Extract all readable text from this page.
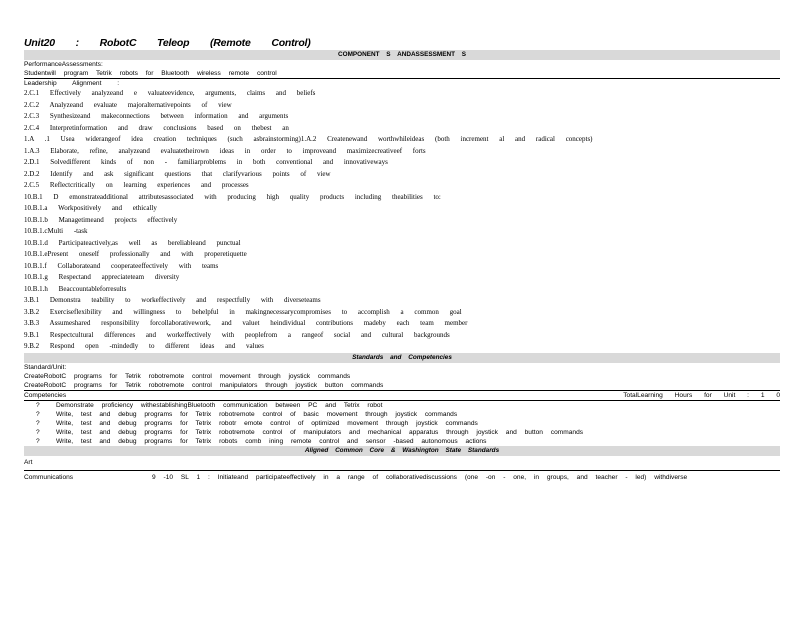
Unit20 : RobotC Teleop (Remote Control)
COMPONENT S ANDASSESSMENT S
PerformanceAssessments:
Studentwill program Tetrik robots for Bluetooth wireless remote control
Leadership Alignment :
2.C.1 Effectively analyzeand e valuateevidence, arguments, claims and beliefs
2.C.2 Analyzeand evaluate majoralternativepoints of view
2.C.3 Synthesizeand makeconnections between information and arguments
2.C.4 Interpretinformation and draw conclusions based on thebest an
1.A .1 Usea widerangeof idea creation techniques (such asbrainstorming)1.A.2 Createnewand worthwhileideas (both increment al and radical concepts)
1.A.3 Elaborate, refine, analyzeand evaluatetheirown ideas in order to improveand maximizecreativeef forts
2.D.1 Solvedifferent kinds of non - familiarproblems in both conventional and innovativeways
2.D.2 Identify and ask significant questions that clarifyvarious points of view
2.C.5 Reflectcritically on learning experiences and processes
10.B.1 D emonstrateadditional attributesassociated with producing high quality products including theabilities to:
10.B.1.a Workpositively and ethically
10.B.1.b Managetimeand projects effectively
10.B.1.cMulti -task
10.B.1.d Participateactively,as well as bereliableand punctual
10.B.1.ePresent oneself professionally and with properetiquette
10.B.1.f Collaborateand cooperateeffectively with teams
10.B.1.g Respectand appreciateteam diversity
10.B.1.h Beaccountableforresults
3.B.1 Demonstra teability to workeffectively and respectfully with diverseteams
3.B.2 Exerciseflexibility and willingness to behelpful in makingnecessarycompromises to accomplish a common goal
3.B.3 Assumeshared responsibility forcollaborativework, and valuet heindividual contributions madeby each team member
9.B.1 Respectcultural differences and workeffectively with peoplefrom a rangeof social and cultural backgrounds
9.B.2 Respond open -mindedly to different ideas and values
Standards and Competencies
Standard/Unit:
CreateRobotC programs for Tetrik robotremote control movement through joystick commands
CreateRobotC programs for Tetrik robotremote control manipulators through joystick button commands
Competencies	TotalLearning Hours for Unit : 1 0
? Demonstrate proficiency withestablishingBluetooth communication between PC and Tetrix robot
? Write, test and debug programs for Tetrix robotremote control of basic movement through joystick commands
? Write, test and debug programs for Tetrix robotr emote control of optimized movement through joystick commands
? Write, test and debug programs for Tetrix robotremote control of manipulators and mechanical apparatus through joystick and button commands
? Write, test and debug programs for Tetrix robots comb ining remote control and sensor -based autonomous actions
Aligned Common Core & Washington State Standards
Art
Communications	9 -10 SL 1 : Initiateand participateeffectively in a range of collaborativediscussions (one -on - one, in groups, and teacher - led) withdiverse
